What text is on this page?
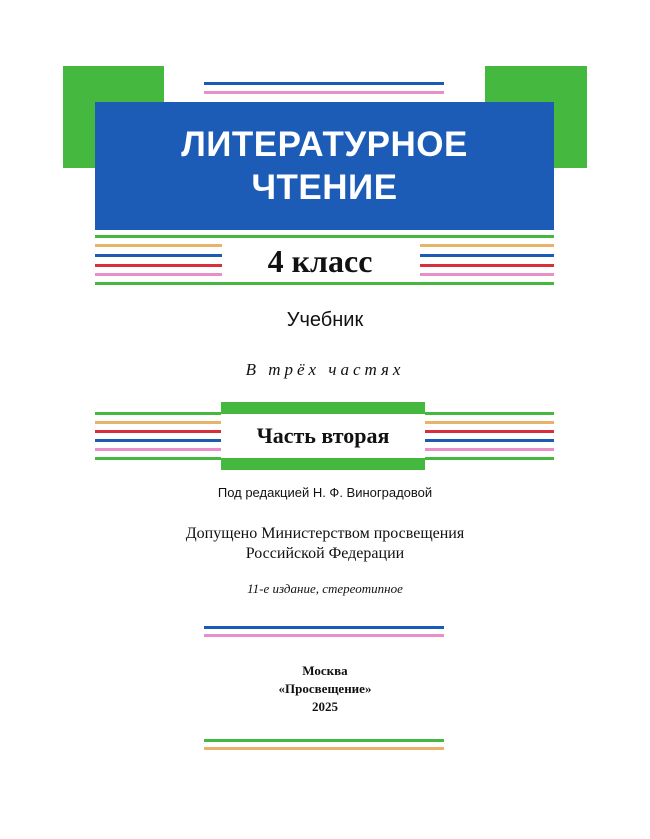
ЛИТЕРАТУРНОЕ
ЧТЕНИЕ
4 класс
Учебник
В трёх частях
Часть вторая
Под редакцией Н. Ф. Виноградовой
Допущено Министерством просвещения
Российской Федерации
11-е издание, стереотипное
Москва
«Просвещение»
2025
